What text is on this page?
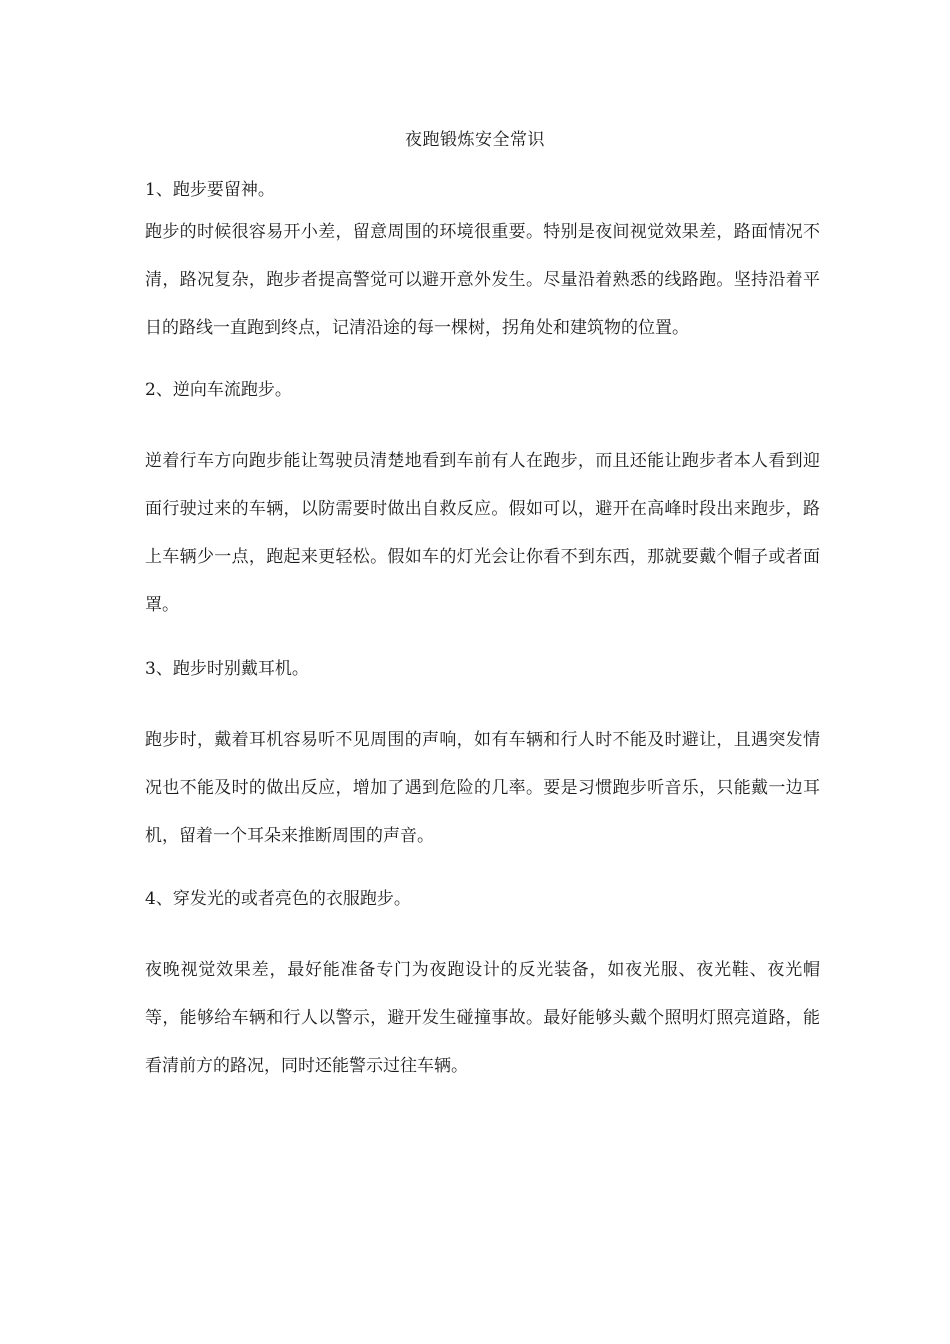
夜跑锻炼安全常识
1、跑步要留神。
跑步的时候很容易开小差，留意周围的环境很重要。特别是夜间视觉效果差，路面情况不清，路况复杂，跑步者提高警觉可以避开意外发生。尽量沿着熟悉的线路跑。坚持沿着平日的路线一直跑到终点，记清沿途的每一棵树，拐角处和建筑物的位置。
2、逆向车流跑步。
逆着行车方向跑步能让驾驶员清楚地看到车前有人在跑步，而且还能让跑步者本人看到迎面行驶过来的车辆，以防需要时做出自救反应。假如可以，避开在高峰时段出来跑步，路上车辆少一点，跑起来更轻松。假如车的灯光会让你看不到东西，那就要戴个帽子或者面罩。
3、跑步时别戴耳机。
跑步时，戴着耳机容易听不见周围的声响，如有车辆和行人时不能及时避让，且遇突发情况也不能及时的做出反应，增加了遇到危险的几率。要是习惯跑步听音乐，只能戴一边耳机，留着一个耳朵来推断周围的声音。
4、穿发光的或者亮色的衣服跑步。
夜晚视觉效果差，最好能准备专门为夜跑设计的反光装备，如夜光服、夜光鞋、夜光帽等，能够给车辆和行人以警示，避开发生碰撞事故。最好能够头戴个照明灯照亮道路，能看清前方的路况，同时还能警示过往车辆。
